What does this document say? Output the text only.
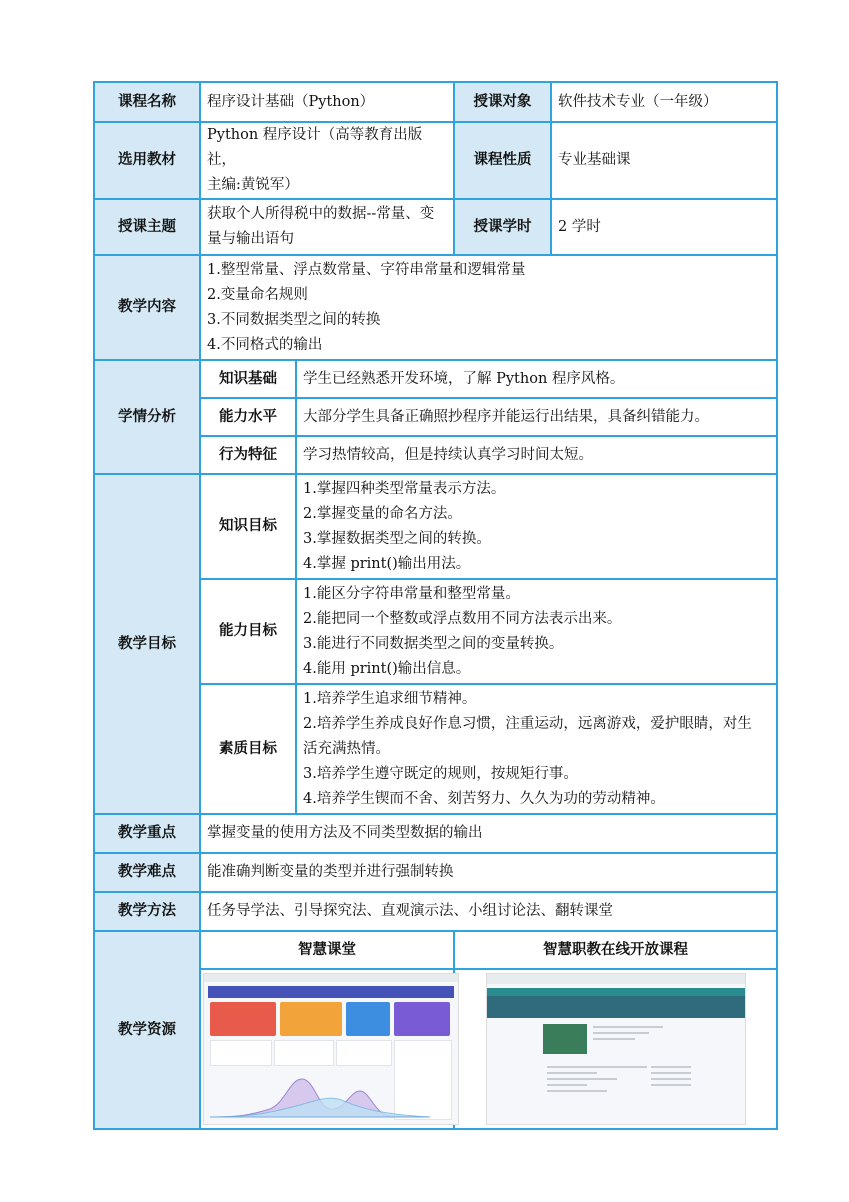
课程名称	程序设计基础（Python）		授课对象	软件技术专业（一年级）
选用教材	Python 程序设计（高等教育出版社，
主编:黄锐军）		课程性质	专业基础课
授课主题	获取个人所得税中的数据--常量、变
量与输出语句		授课学时	2 学时
教学内容	1.整型常量、浮点数常量、字符串常量和逻辑常量
2.变量命名规则
3.不同数据类型之间的转换
4.不同格式的输出			

学情分析	知识基础	学生已经熟悉开发环境，了解 Python 程序风格。		
	能力水平	大部分学生具备正确照抄程序并能运行出结果，具备纠错能力。		
	行为特征	学习热情较高，但是持续认真学习时间太短。		
教学目标	知识目标	1.掌握四种类型常量表示方法。
2.掌握变量的命名方法。
3.掌握数据类型之间的转换。
4.掌握 print()输出用法。		

	能力目标	1.能区分字符串常量和整型常量。
2.能把同一个整数或浮点数用不同方法表示出来。
3.能进行不同数据类型之间的变量转换。
4.能用 print()输出信息。		

	素质目标	1.培养学生追求细节精神。
2.培养学生养成良好作息习惯，注重运动，远离游戏，爱护眼睛，对生
活充满热情。
3.培养学生遵守既定的规则，按规矩行事。
4.培养学生锲而不舍、刻苦努力、久久为功的劳动精神。		

教学重点	掌握变量的使用方法及不同类型数据的输出			
教学难点	能准确判断变量的类型并进行强制转换			
教学方法	任务导学法、引导探究法、直观演示法、小组讨论法、翻转课堂			
教学资源	智慧课堂		智慧职教在线开放课程	
